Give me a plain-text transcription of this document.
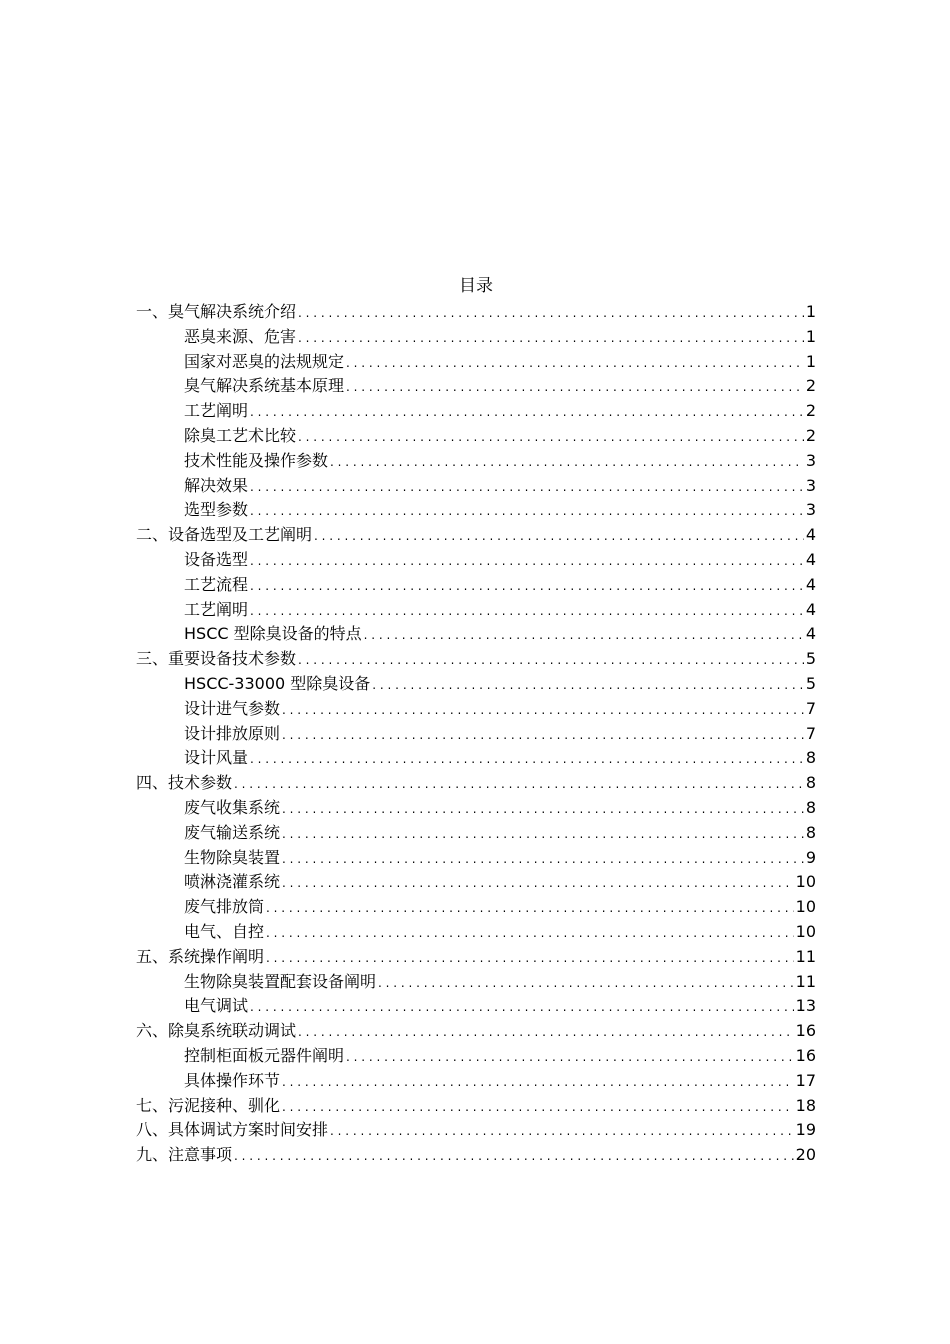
目录
一、臭气解决系统介绍 . . .	1
恶臭来源、危害 . . .	1
国家对恶臭的法规规定 . . .	1
臭气解决系统基本原理 . . .	2
工艺阐明 . . .	2
除臭工艺术比较 . . .	2
技术性能及操作参数 . . .	3
解决效果 . . .	3
选型参数 . . .	3
二、设备选型及工艺阐明 . . .	4
设备选型 . . .	4
工艺流程 . . .	4
工艺阐明 . . .	4
HSCC 型除臭设备的特点 . . .	4
三、重要设备技术参数 . . .	5
HSCC-33000 型除臭设备 . . .	5
设计进气参数 . . .	7
设计排放原则 . . .	7
设计风量 . . .	8
四、技术参数 . . .	8
废气收集系统 . . .	8
废气输送系统 . . .	8
生物除臭装置 . . .	9
喷淋浇灌系统 . . .	10
废气排放筒 . . .	10
电气、自控 . . .	10
五、系统操作阐明 . . .	11
生物除臭装置配套设备阐明 . . .	11
电气调试 . . .	13
六、除臭系统联动调试 . . .	16
控制柜面板元器件阐明 . . .	16
具体操作环节 . . .	17
七、污泥接种、驯化 . . .	18
八、具体调试方案时间安排 . . .	19
九、注意事项 . . .	20
